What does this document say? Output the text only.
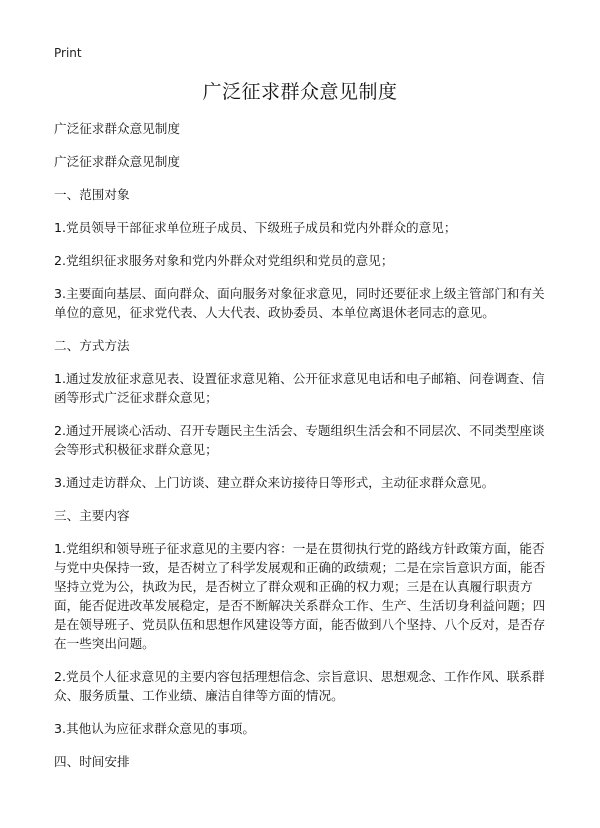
Print
广泛征求群众意见制度

广泛征求群众意见制度

广泛征求群众意见制度

一、范围对象

1.党员领导干部征求单位班子成员、下级班子成员和党内外群众的意见；

2.党组织征求服务对象和党内外群众对党组织和党员的意见；

3.主要面向基层、面向群众、面向服务对象征求意见，同时还要征求上级主管部门和有关单位的意见，征求党代表、人大代表、政协委员、本单位离退休老同志的意见。

二、方式方法

1.通过发放征求意见表、设置征求意见箱、公开征求意见电话和电子邮箱、问卷调查、信函等形式广泛征求群众意见；

2.通过开展谈心活动、召开专题民主生活会、专题组织生活会和不同层次、不同类型座谈会等形式积极征求群众意见；

3.通过走访群众、上门访谈、建立群众来访接待日等形式，主动征求群众意见。

三、主要内容

1.党组织和领导班子征求意见的主要内容：一是在贯彻执行党的路线方针政策方面，能否与党中央保持一致，是否树立了科学发展观和正确的政绩观；二是在宗旨意识方面，能否坚持立党为公，执政为民，是否树立了群众观和正确的权力观；三是在认真履行职责方面，能否促进改革发展稳定，是否不断解决关系群众工作、生产、生活切身利益问题；四是在领导班子、党员队伍和思想作风建设等方面，能否做到八个坚持、八个反对，是否存在一些突出问题。

2.党员个人征求意见的主要内容包括理想信念、宗旨意识、思想观念、工作作风、联系群众、服务质量、工作业绩、廉洁自律等方面的情况。

3.其他认为应征求群众意见的事项。

四、时间安排
